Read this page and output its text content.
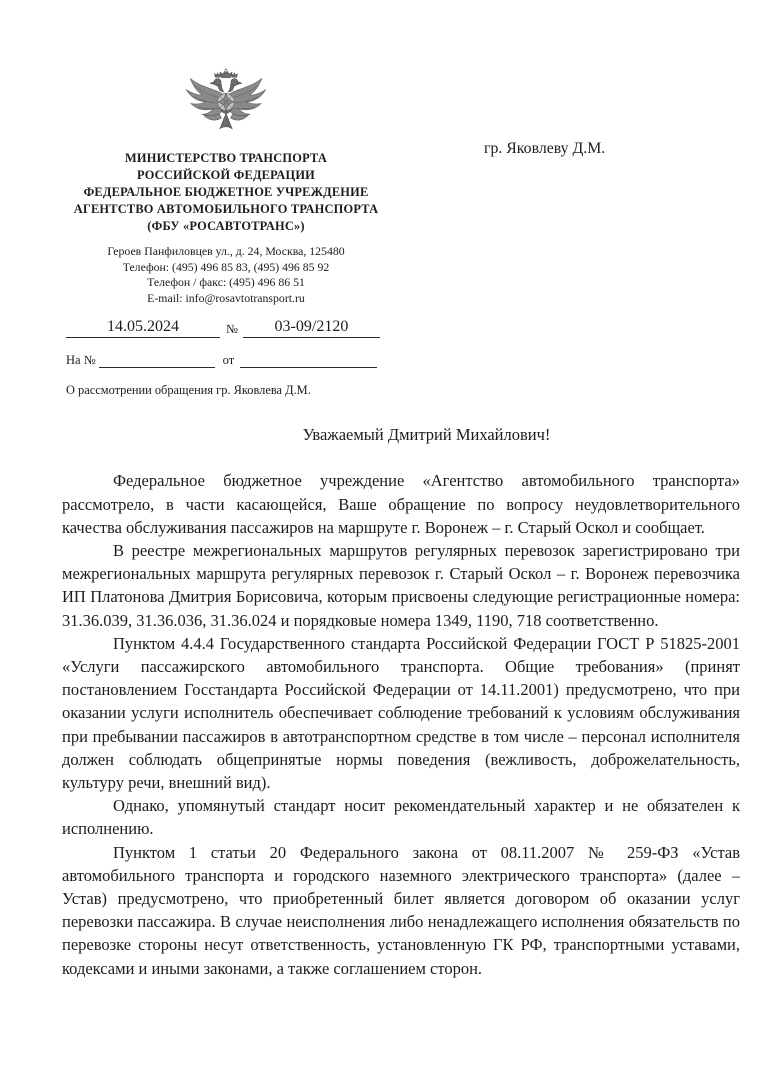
МИНИСТЕРСТВО ТРАНСПОРТА
РОССИЙСКОЙ ФЕДЕРАЦИИ
ФЕДЕРАЛЬНОЕ БЮДЖЕТНОЕ УЧРЕЖДЕНИЕ
АГЕНТСТВО АВТОМОБИЛЬНОГО ТРАНСПОРТА
(ФБУ «РОСАВТОТРАНС»)
Героев Панфиловцев ул., д. 24, Москва, 125480
Телефон: (495) 496 85 83, (495) 496 85 92
Телефон / факс: (495) 496 86 51
E-mail: info@rosavtotransport.ru
14.05.2024	№ 03-09/2120
На №	от
О рассмотрении обращения гр. Яковлева Д.М.
гр. Яковлеву Д.М.
Уважаемый Дмитрий Михайлович!

Федеральное бюджетное учреждение «Агентство автомобильного транспорта» рассмотрело, в части касающейся, Ваше обращение по вопросу неудовлетворительного качества обслуживания пассажиров на маршруте г. Воронеж – г. Старый Оскол и сообщает.

В реестре межрегиональных маршрутов регулярных перевозок зарегистрировано три межрегиональных маршрута регулярных перевозок г. Старый Оскол – г. Воронеж перевозчика ИП Платонова Дмитрия Борисовича, которым присвоены следующие регистрационные номера: 31.36.039, 31.36.036, 31.36.024 и порядковые номера 1349, 1190, 718 соответственно.

Пунктом 4.4.4 Государственного стандарта Российской Федерации ГОСТ Р 51825-2001 «Услуги пассажирского автомобильного транспорта. Общие требования» (принят постановлением Госстандарта Российской Федерации от 14.11.2001) предусмотрено, что при оказании услуги исполнитель обеспечивает соблюдение требований к условиям обслуживания при пребывании пассажиров в автотранспортном средстве в том числе – персонал исполнителя должен соблюдать общепринятые нормы поведения (вежливость, доброжелательность, культуру речи, внешний вид).

Однако, упомянутый стандарт носит рекомендательный характер и не обязателен к исполнению.

Пунктом 1 статьи 20 Федерального закона от 08.11.2007 № 259-ФЗ «Устав автомобильного транспорта и городского наземного электрического транспорта» (далее – Устав) предусмотрено, что приобретенный билет является договором об оказании услуг перевозки пассажира. В случае неисполнения либо ненадлежащего исполнения обязательств по перевозке стороны несут ответственность, установленную ГК РФ, транспортными уставами, кодексами и иными законами, а также соглашением сторон.
